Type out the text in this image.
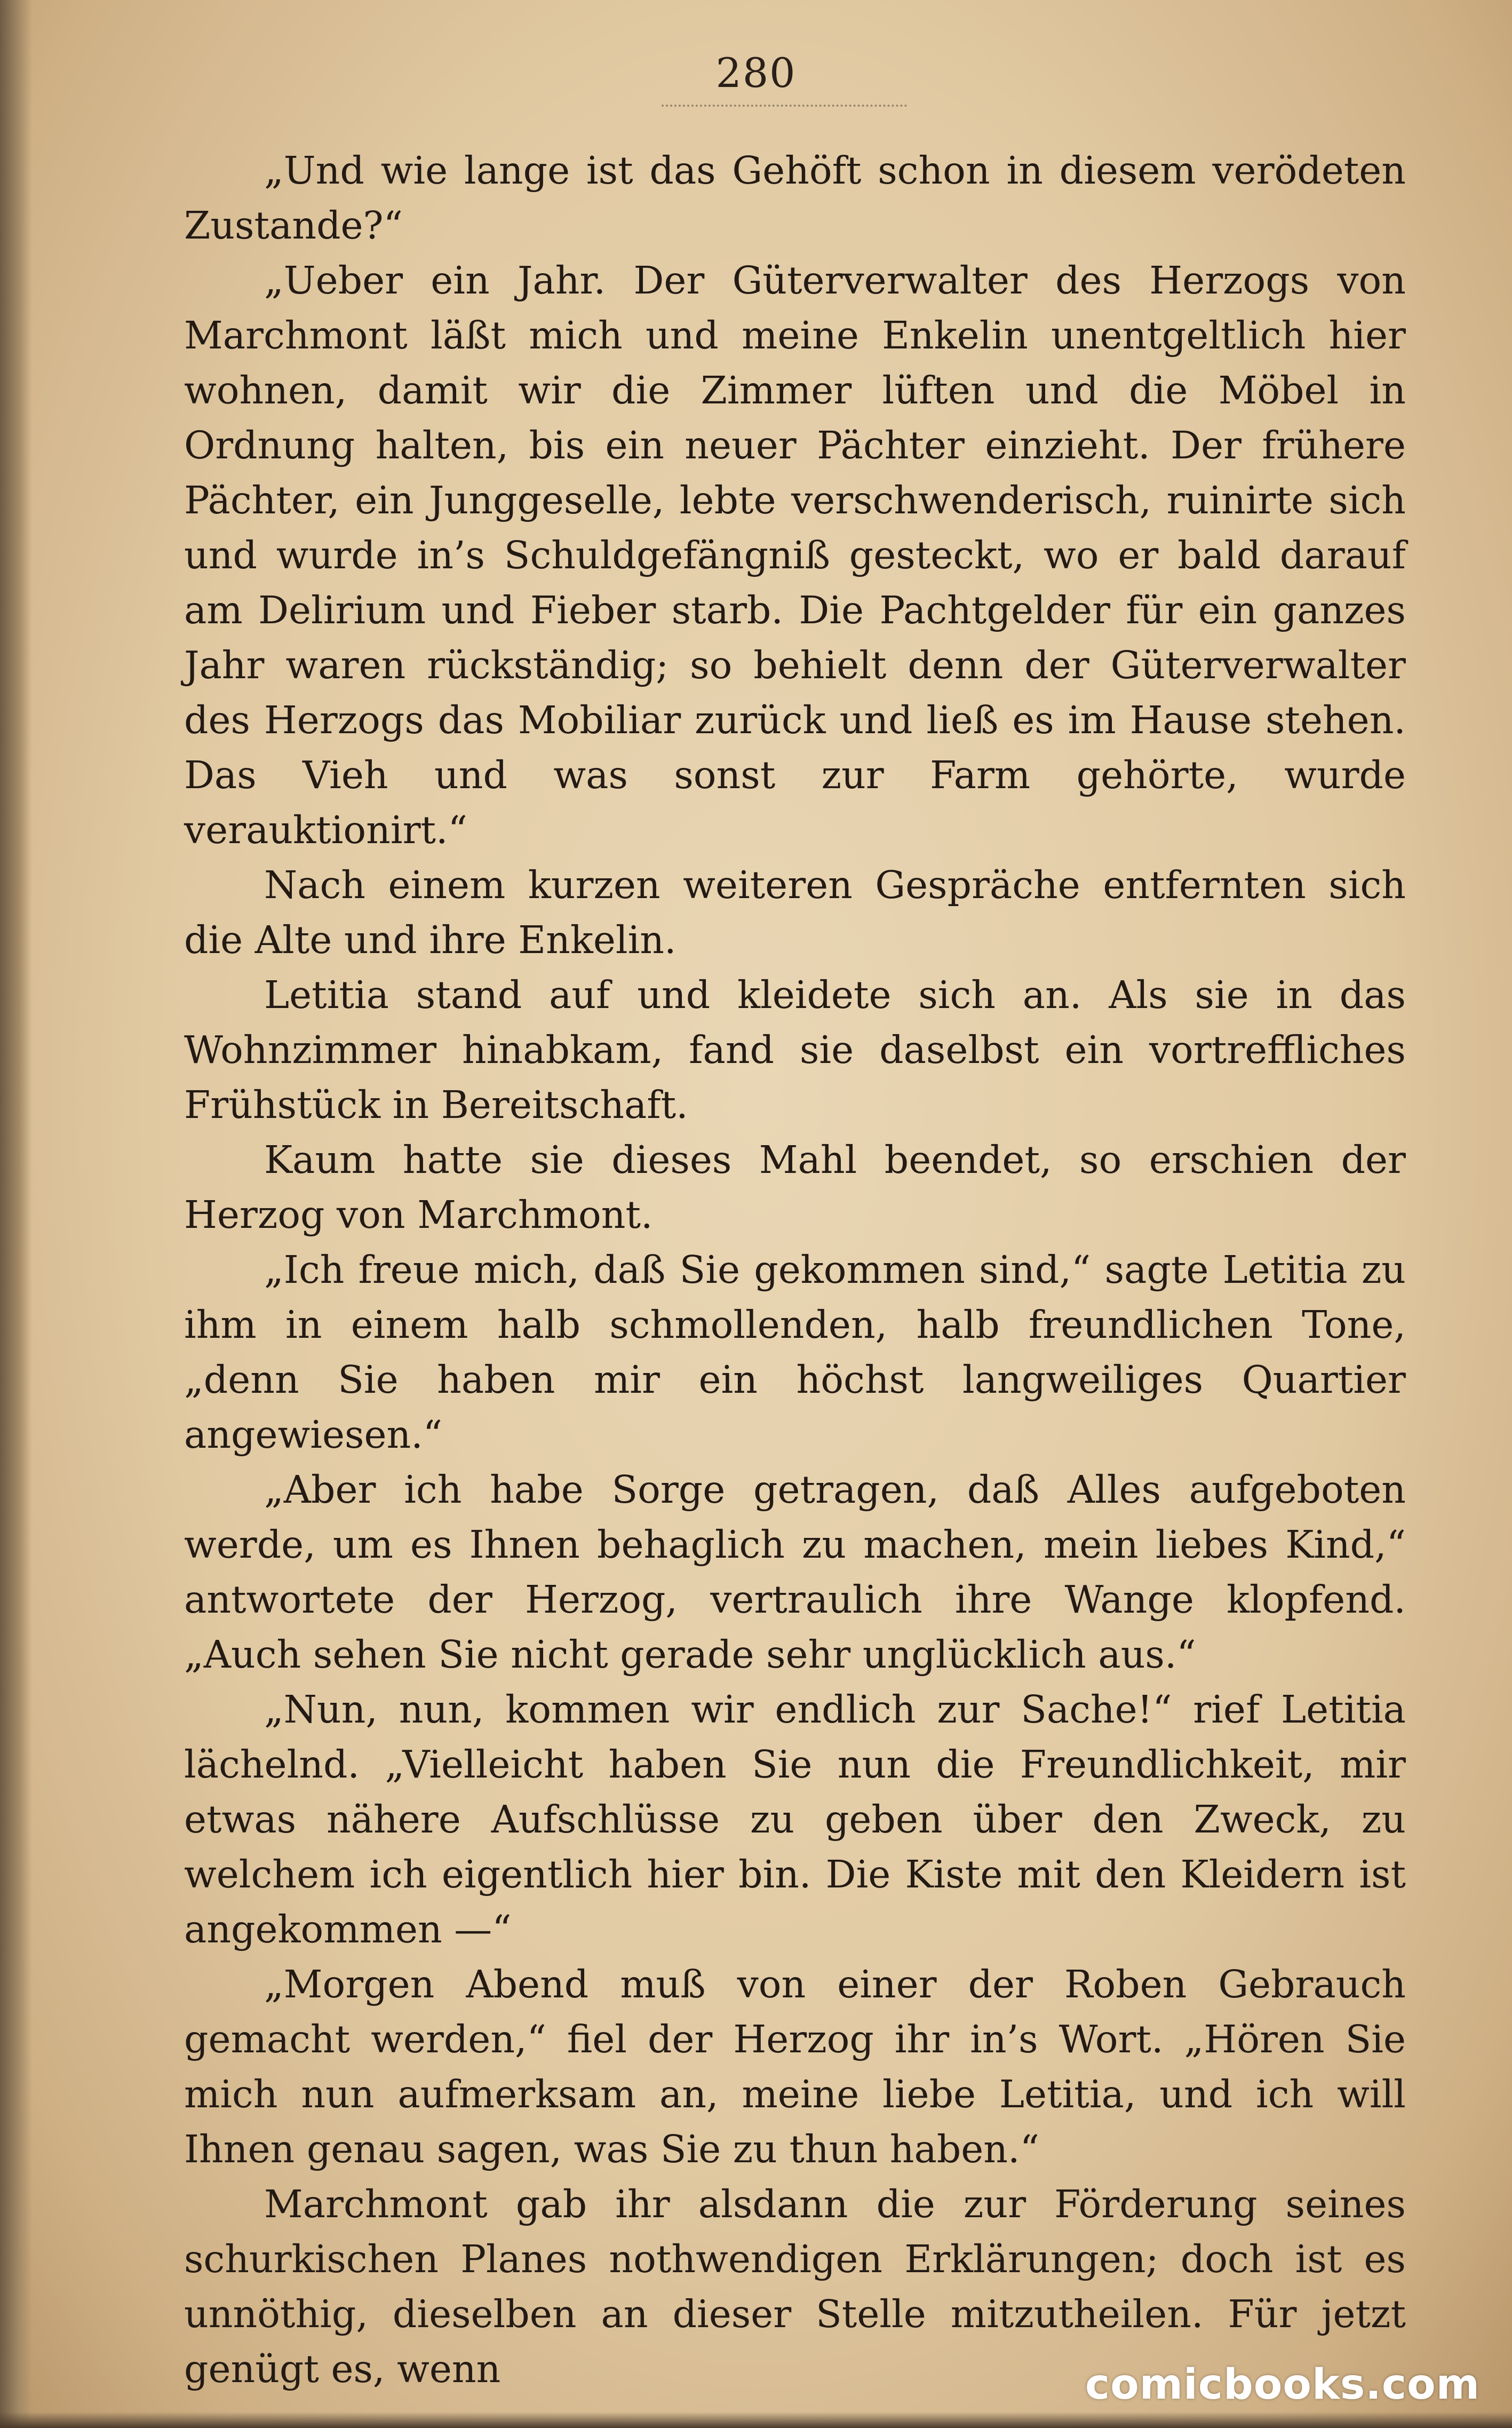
280

„Und wie lange ist das Gehöft schon in diesem verödeten Zustande?“

„Ueber ein Jahr. Der Güterverwalter des Herzogs von Marchmont läßt mich und meine Enkelin unentgeltlich hier wohnen, damit wir die Zimmer lüften und die Möbel in Ordnung halten, bis ein neuer Pächter einzieht. Der frühere Pächter, ein Junggeselle, lebte verschwenderisch, ruinirte sich und wurde in’s Schuldgefängniß gesteckt, wo er bald darauf am Delirium und Fieber starb. Die Pachtgelder für ein ganzes Jahr waren rückständig; so behielt denn der Güterverwalter des Herzogs das Mobiliar zurück und ließ es im Hause stehen. Das Vieh und was sonst zur Farm gehörte, wurde verauktionirt.“

Nach einem kurzen weiteren Gespräche entfernten sich die Alte und ihre Enkelin.

Letitia stand auf und kleidete sich an. Als sie in das Wohnzimmer hinabkam, fand sie daselbst ein vortreffliches Frühstück in Bereitschaft.

Kaum hatte sie dieses Mahl beendet, so erschien der Herzog von Marchmont.

„Ich freue mich, daß Sie gekommen sind,“ sagte Letitia zu ihm in einem halb schmollenden, halb freundlichen Tone, „denn Sie haben mir ein höchst langweiliges Quartier angewiesen.“

„Aber ich habe Sorge getragen, daß Alles aufgeboten werde, um es Ihnen behaglich zu machen, mein liebes Kind,“ antwortete der Herzog, vertraulich ihre Wange klopfend. „Auch sehen Sie nicht gerade sehr unglücklich aus.“

„Nun, nun, kommen wir endlich zur Sache!“ rief Letitia lächelnd. „Vielleicht haben Sie nun die Freundlichkeit, mir etwas nähere Aufschlüsse zu geben über den Zweck, zu welchem ich eigentlich hier bin. Die Kiste mit den Kleidern ist angekommen —“

„Morgen Abend muß von einer der Roben Gebrauch gemacht werden,“ fiel der Herzog ihr in’s Wort. „Hören Sie mich nun aufmerksam an, meine liebe Letitia, und ich will Ihnen genau sagen, was Sie zu thun haben.“

Marchmont gab ihr alsdann die zur Förderung seines schurkischen Planes nothwendigen Erklärungen; doch ist es unnöthig, dieselben an dieser Stelle mitzutheilen. Für jetzt genügt es, wenn	comicbooks.com
